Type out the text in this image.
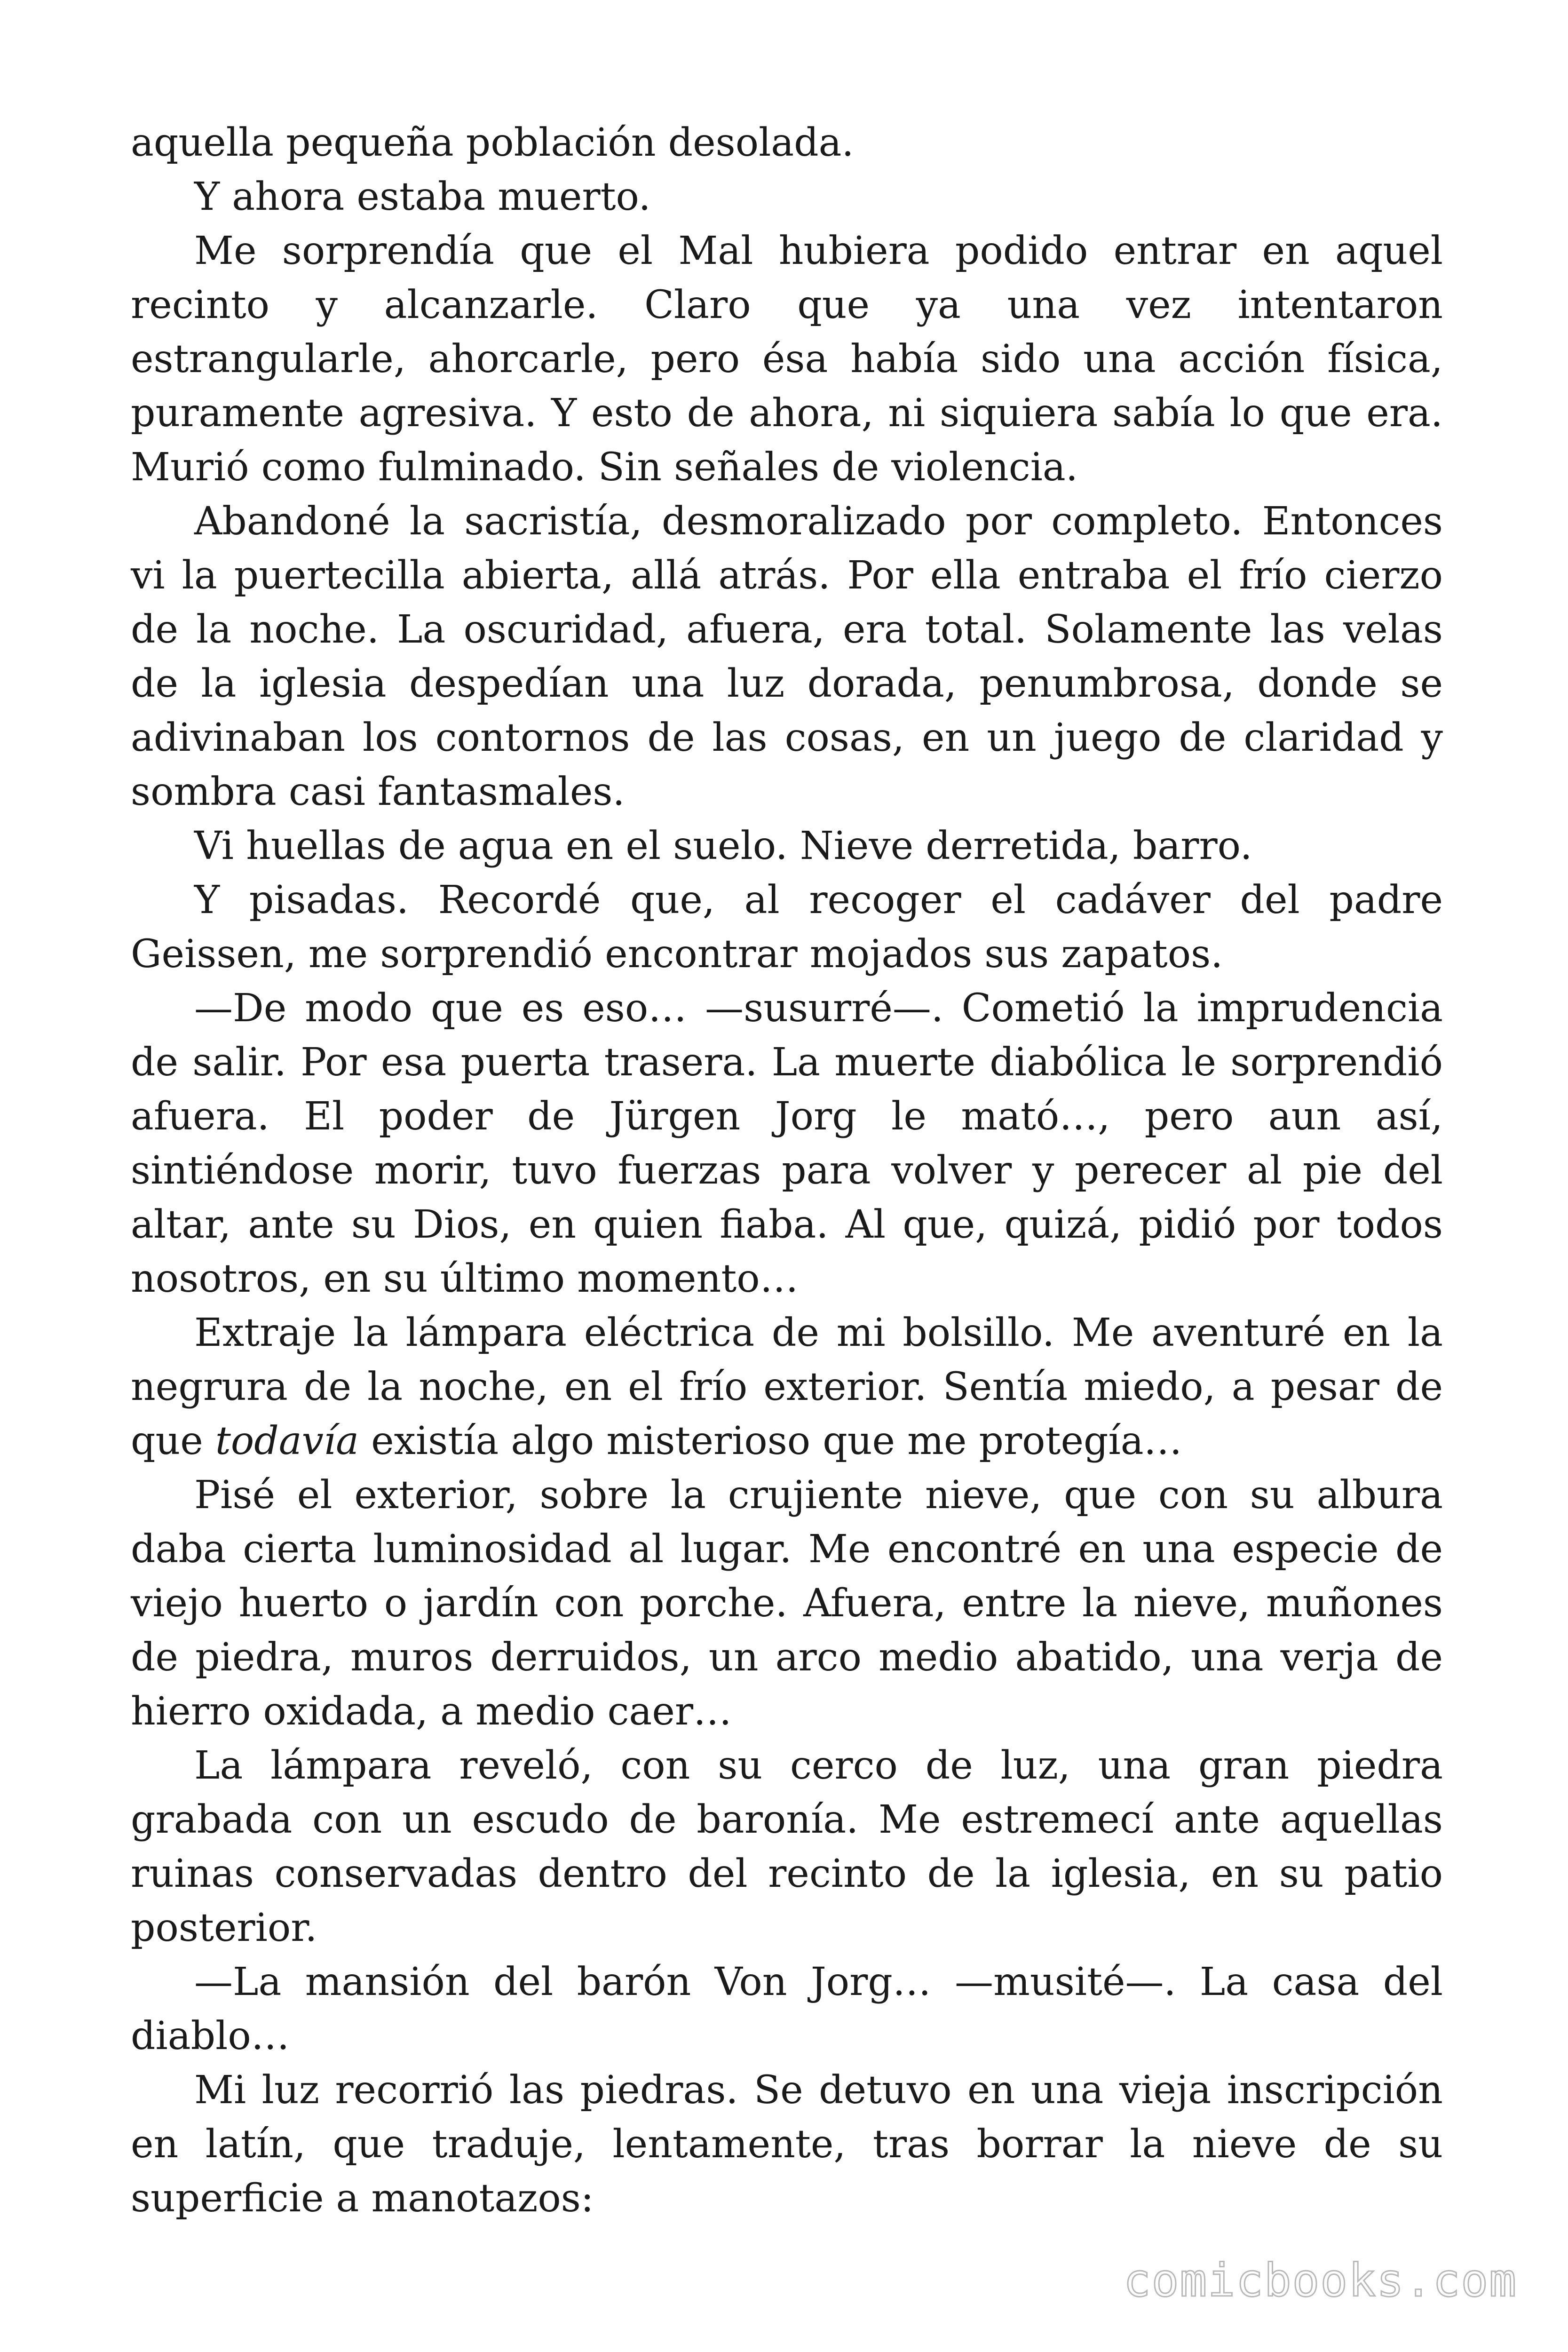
aquella pequeña población desolada.

Y ahora estaba muerto.

Me sorprendía que el Mal hubiera podido entrar en aquel recinto y alcanzarle. Claro que ya una vez intentaron estrangularle, ahorcarle, pero ésa había sido una acción física, puramente agresiva. Y esto de ahora, ni siquiera sabía lo que era. Murió como fulminado. Sin señales de violencia.

Abandoné la sacristía, desmoralizado por completo. Entonces vi la puertecilla abierta, allá atrás. Por ella entraba el frío cierzo de la noche. La oscuridad, afuera, era total. Solamente las velas de la iglesia despedían una luz dorada, penumbrosa, donde se adivinaban los contornos de las cosas, en un juego de claridad y sombra casi fantasmales.

Vi huellas de agua en el suelo. Nieve derretida, barro.

Y pisadas. Recordé que, al recoger el cadáver del padre Geissen, me sorprendió encontrar mojados sus zapatos.

—De modo que es eso… —susurré—. Cometió la imprudencia de salir. Por esa puerta trasera. La muerte diabólica le sorprendió afuera. El poder de Jürgen Jorg le mató…, pero aun así, sintiéndose morir, tuvo fuerzas para volver y perecer al pie del altar, ante su Dios, en quien fiaba. Al que, quizá, pidió por todos nosotros, en su último momento…

Extraje la lámpara eléctrica de mi bolsillo. Me aventuré en la negrura de la noche, en el frío exterior. Sentía miedo, a pesar de que todavía existía algo misterioso que me protegía…

Pisé el exterior, sobre la crujiente nieve, que con su albura daba cierta luminosidad al lugar. Me encontré en una especie de viejo huerto o jardín con porche. Afuera, entre la nieve, muñones de piedra, muros derruidos, un arco medio abatido, una verja de hierro oxidada, a medio caer…

La lámpara reveló, con su cerco de luz, una gran piedra grabada con un escudo de baronía. Me estremecí ante aquellas ruinas conservadas dentro del recinto de la iglesia, en su patio posterior.

—La mansión del barón Von Jorg… —musité—. La casa del diablo…

Mi luz recorrió las piedras. Se detuvo en una vieja inscripción en latín, que traduje, lentamente, tras borrar la nieve de su superficie a manotazos:

comicbooks.com
